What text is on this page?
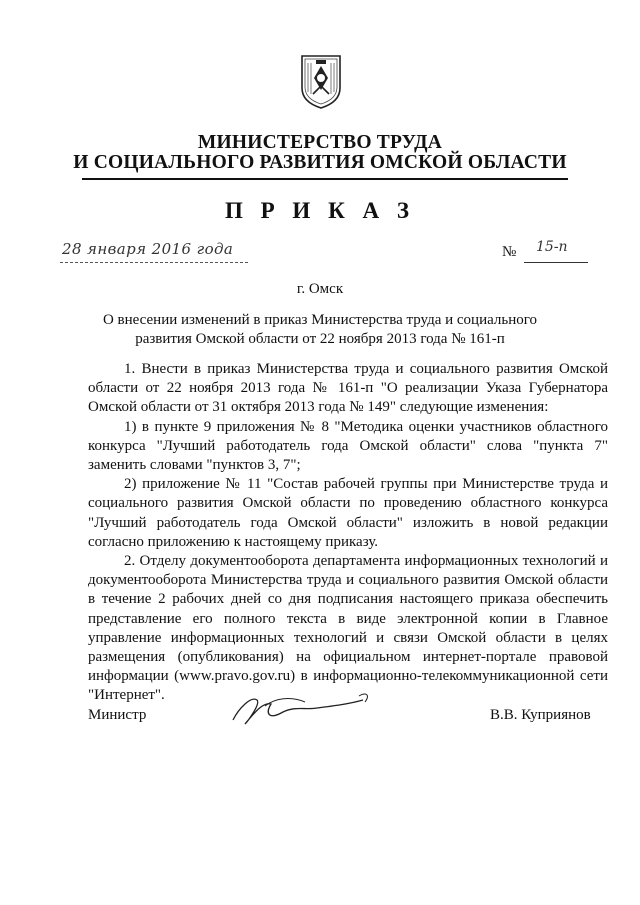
МИНИСТЕРСТВО ТРУДА
И СОЦИАЛЬНОГО РАЗВИТИЯ ОМСКОЙ ОБЛАСТИ
П Р И К А З
28 января 2016 года	№ 15-п
г. Омск
О внесении изменений в приказ Министерства труда и социального
развития Омской области от 22 ноября 2013 года № 161-п

1. Внести в приказ Министерства труда и социального развития Омской области от 22 ноября 2013 года № 161-п "О реализации Указа Губернатора Омской области от 31 октября 2013 года № 149" следующие изменения:

1) в пункте 9 приложения № 8 "Методика оценки участников областного конкурса "Лучший работодатель года Омской области" слова "пункта 7" заменить словами "пунктов 3, 7";

2) приложение № 11 "Состав рабочей группы при Министерстве труда и социального развития Омской области по проведению областного конкурса "Лучший работодатель года Омской области" изложить в новой редакции согласно приложению к настоящему приказу.

2. Отделу документооборота департамента информационных технологий и документооборота Министерства труда и социального развития Омской области в течение 2 рабочих дней со дня подписания настоящего приказа обеспечить представление его полного текста в виде электронной копии в Главное управление информационных технологий и связи Омской области в целях размещения (опубликования) на официальном интернет-портале правовой информации (www.pravo.gov.ru) в информационно-телекоммуникационной сети "Интернет".

Министр	В.В. Куприянов
